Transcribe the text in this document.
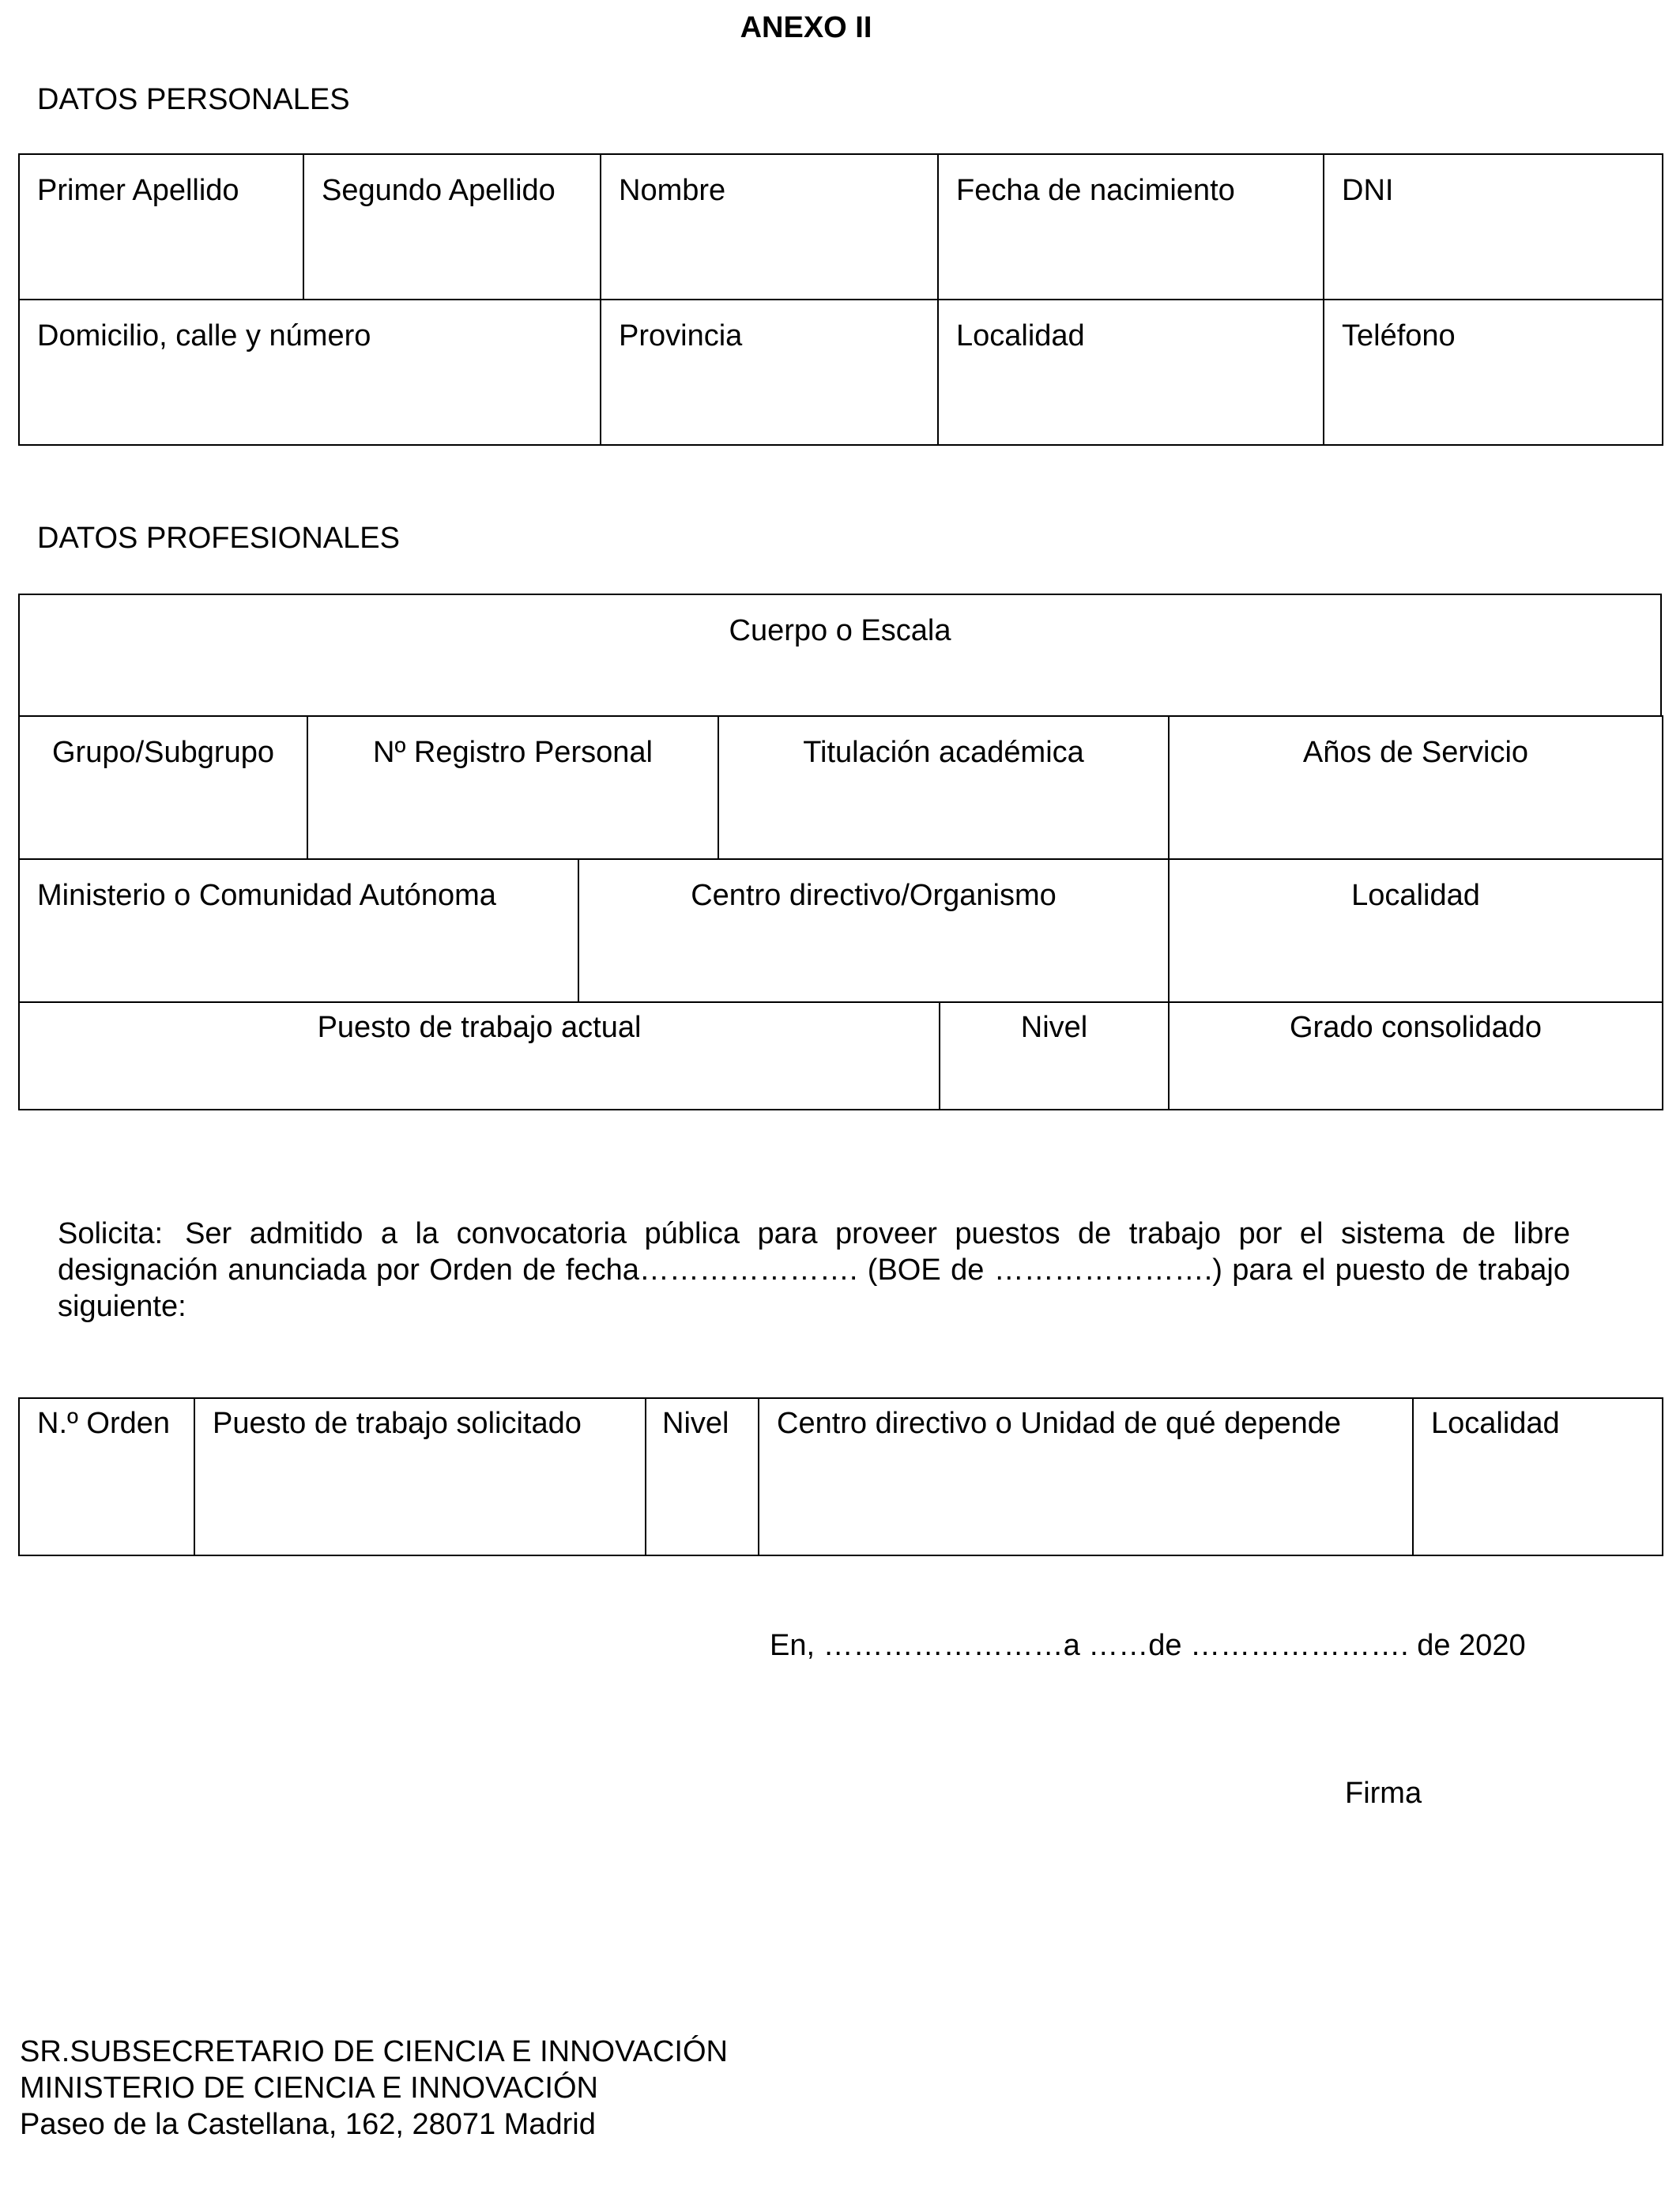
ANEXO II
DATOS PERSONALES
Primer Apellido	Segundo Apellido	Nombre	Fecha de nacimiento	DNI

Domicilio, calle y número		Provincia	Localidad	Teléfono
DATOS PROFESIONALES
Cuerpo o Escala
Grupo/Subgrupo	Nº Registro Personal	Titulación académica	Años de Servicio
Ministerio o Comunidad Autónoma	Centro directivo/Organismo	Localidad
Puesto de trabajo actual	Nivel	Grado consolidado
Solicita: Ser admitido a la convocatoria pública para proveer puestos de trabajo por el sistema de libre designación anunciada por Orden de fecha…………………. (BOE de ………………….) para el puesto de trabajo siguiente:
N.º Orden	Puesto de trabajo solicitado	Nivel	Centro directivo o Unidad de qué depende	Localidad
En, ……………………a ……de …………………. de 2020
Firma
SR.SUBSECRETARIO DE CIENCIA E INNOVACIÓN
MINISTERIO DE CIENCIA E INNOVACIÓN
Paseo de la Castellana, 162, 28071 Madrid
